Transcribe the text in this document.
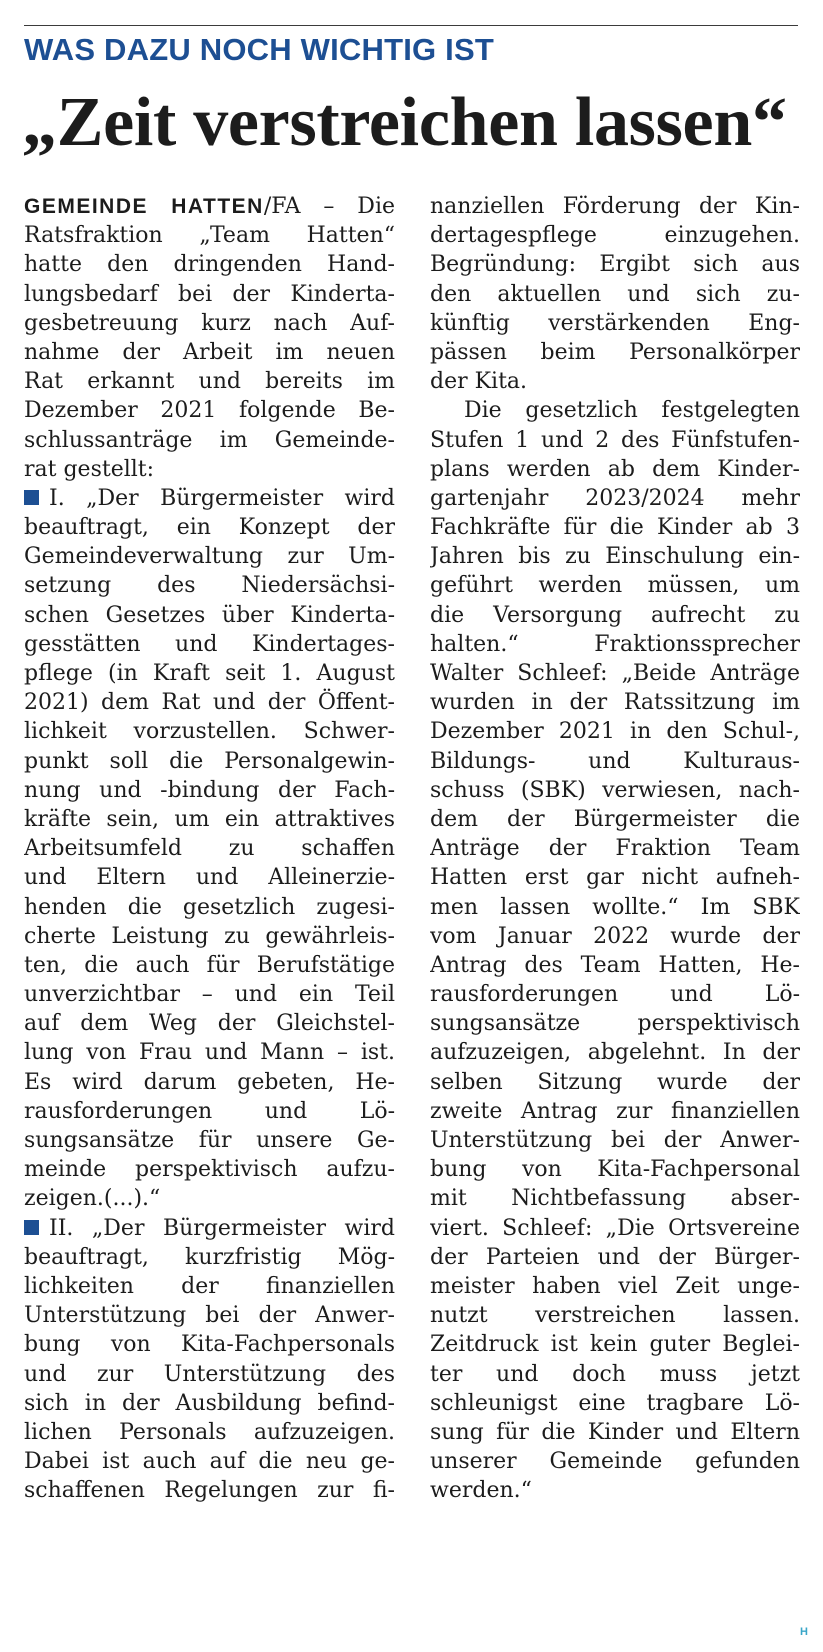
WAS DAZU NOCH WICHTIG IST
„Zeit verstreichen lassen“
GEMEINDE HATTEN/FA – Die
Ratsfraktion „Team Hatten“
hatte den dringenden Hand-
lungsbedarf bei der Kinderta-
gesbetreuung kurz nach Auf-
nahme der Arbeit im neuen
Rat erkannt und bereits im
Dezember 2021 folgende Be-
schlussanträge im Gemeinde-
rat gestellt:
I. „Der Bürgermeister wird
beauftragt, ein Konzept der
Gemeindeverwaltung zur Um-
setzung des Niedersächsi-
schen Gesetzes über Kinderta-
gesstätten und Kindertages-
pflege (in Kraft seit 1. August
2021) dem Rat und der Öffent-
lichkeit vorzustellen. Schwer-
punkt soll die Personalgewin-
nung und -bindung der Fach-
kräfte sein, um ein attraktives
Arbeitsumfeld zu schaffen
und Eltern und Alleinerzie-
henden die gesetzlich zugesi-
cherte Leistung zu gewährleis-
ten, die auch für Berufstätige
unverzichtbar – und ein Teil
auf dem Weg der Gleichstel-
lung von Frau und Mann – ist.
Es wird darum gebeten, He-
rausforderungen und Lö-
sungsansätze für unsere Ge-
meinde perspektivisch aufzu-
zeigen.(...).“
II. „Der Bürgermeister wird
beauftragt, kurzfristig Mög-
lichkeiten der finanziellen
Unterstützung bei der Anwer-
bung von Kita-Fachpersonals
und zur Unterstützung des
sich in der Ausbildung befind-
lichen Personals aufzuzeigen.
Dabei ist auch auf die neu ge-
schaffenen Regelungen zur fi-
nanziellen Förderung der Kin-
dertagespflege einzugehen.
Begründung: Ergibt sich aus
den aktuellen und sich zu-
künftig verstärkenden Eng-
pässen beim Personalkörper
der Kita.
Die gesetzlich festgelegten
Stufen 1 und 2 des Fünfstufen-
plans werden ab dem Kinder-
gartenjahr 2023/2024 mehr
Fachkräfte für die Kinder ab 3
Jahren bis zu Einschulung ein-
geführt werden müssen, um
die Versorgung aufrecht zu
halten.“ Fraktionssprecher
Walter Schleef: „Beide Anträge
wurden in der Ratssitzung im
Dezember 2021 in den Schul-,
Bildungs- und Kulturaus-
schuss (SBK) verwiesen, nach-
dem der Bürgermeister die
Anträge der Fraktion Team
Hatten erst gar nicht aufneh-
men lassen wollte.“ Im SBK
vom Januar 2022 wurde der
Antrag des Team Hatten, He-
rausforderungen und Lö-
sungsansätze perspektivisch
aufzuzeigen, abgelehnt. In der
selben Sitzung wurde der
zweite Antrag zur finanziellen
Unterstützung bei der Anwer-
bung von Kita-Fachpersonal
mit Nichtbefassung abser-
viert. Schleef: „Die Ortsvereine
der Parteien und der Bürger-
meister haben viel Zeit unge-
nutzt verstreichen lassen.
Zeitdruck ist kein guter Beglei-
ter und doch muss jetzt
schleunigst eine tragbare Lö-
sung für die Kinder und Eltern
unserer Gemeinde gefunden
werden.“
H
